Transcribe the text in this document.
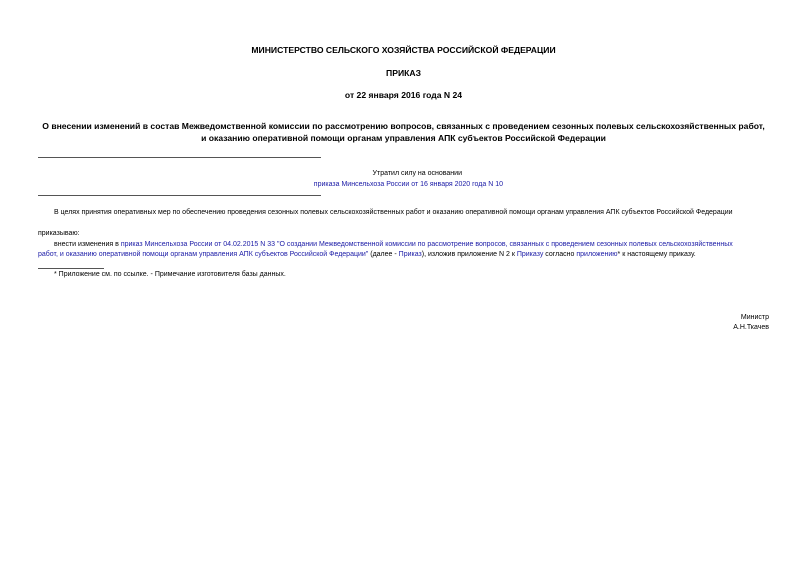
МИНИСТЕРСТВО СЕЛЬСКОГО ХОЗЯЙСТВА РОССИЙСКОЙ ФЕДЕРАЦИИ
ПРИКАЗ
от 22 января 2016 года N 24
О внесении изменений в состав Межведомственной комиссии по рассмотрению вопросов, связанных с проведением сезонных полевых сельскохозяйственных работ, и оказанию оперативной помощи органам управления АПК субъектов Российской Федерации
Утратил силу на основании
приказа Минсельхоза России от 16 января 2020 года N 10
В целях принятия оперативных мер по обеспечению проведения сезонных полевых сельскохозяйственных работ и оказанию оперативной помощи органам управления АПК субъектов Российской Федерации
приказываю:
внести изменения в приказ Минсельхоза России от 04.02.2015 N 33 "О создании Межведомственной комиссии по рассмотрение вопросов, связанных с проведением сезонных полевых сельскохозяйственных
работ, и оказанию оперативной помощи органам управления АПК субъектов Российской Федерации" (далее - Приказ), изложив приложение N 2 к Приказу согласно приложению* к настоящему приказу.
* Приложение см. по ссылке. - Примечание изготовителя базы данных.
Министр
А.Н.Ткачев
